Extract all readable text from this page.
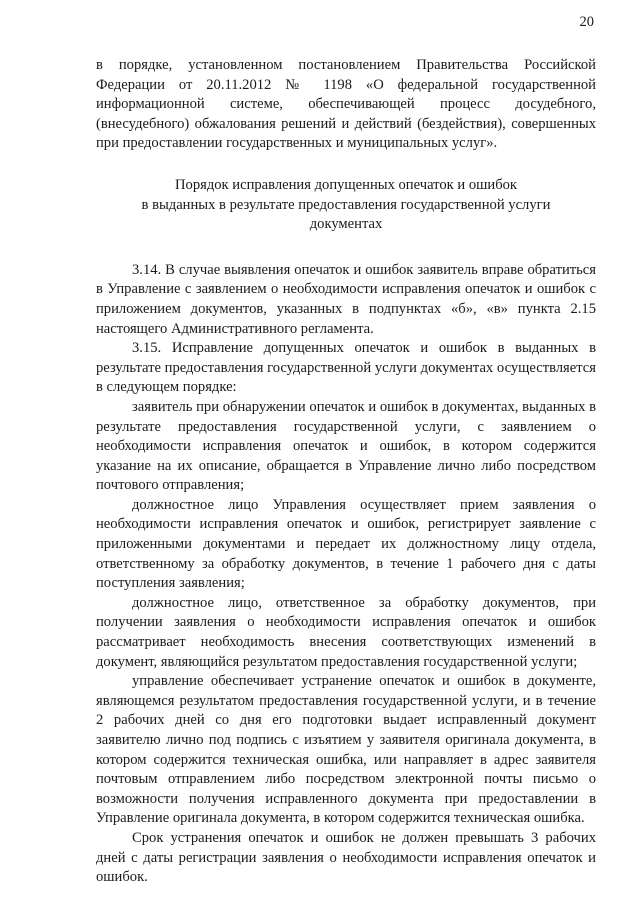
20

в порядке, установленном постановлением Правительства Российской Федерации от 20.11.2012 № 1198 «О федеральной государственной информационной системе, обеспечивающей процесс досудебного, (внесудебного) обжалования решений и действий (бездействия), совершенных при предоставлении государственных и муниципальных услуг».

Порядок исправления допущенных опечаток и ошибок
в выданных в результате предоставления государственной услуги
документах

3.14. В случае выявления опечаток и ошибок заявитель вправе обратиться в Управление с заявлением о необходимости исправления опечаток и ошибок с приложением документов, указанных в подпунктах «б», «в» пункта 2.15 настоящего Административного регламента.

3.15. Исправление допущенных опечаток и ошибок в выданных в результате предоставления государственной услуги документах осуществляется в следующем порядке:

заявитель при обнаружении опечаток и ошибок в документах, выданных в результате предоставления государственной услуги, с заявлением о необходимости исправления опечаток и ошибок, в котором содержится указание на их описание, обращается в Управление лично либо посредством почтового отправления;

должностное лицо Управления осуществляет прием заявления о необходимости исправления опечаток и ошибок, регистрирует заявление с приложенными документами и передает их должностному лицу отдела, ответственному за обработку документов, в течение 1 рабочего дня с даты поступления заявления;

должностное лицо, ответственное за обработку документов, при получении заявления о необходимости исправления опечаток и ошибок рассматривает необходимость внесения соответствующих изменений в документ, являющийся результатом предоставления государственной услуги;

управление обеспечивает устранение опечаток и ошибок в документе, являющемся результатом предоставления государственной услуги, и в течение 2 рабочих дней со дня его подготовки выдает исправленный документ заявителю лично под подпись с изъятием у заявителя оригинала документа, в котором содержится техническая ошибка, или направляет в адрес заявителя почтовым отправлением либо посредством электронной почты письмо о возможности получения исправленного документа при предоставлении в Управление оригинала документа, в котором содержится техническая ошибка.

Срок устранения опечаток и ошибок не должен превышать 3 рабочих дней с даты регистрации заявления о необходимости исправления опечаток и ошибок.
